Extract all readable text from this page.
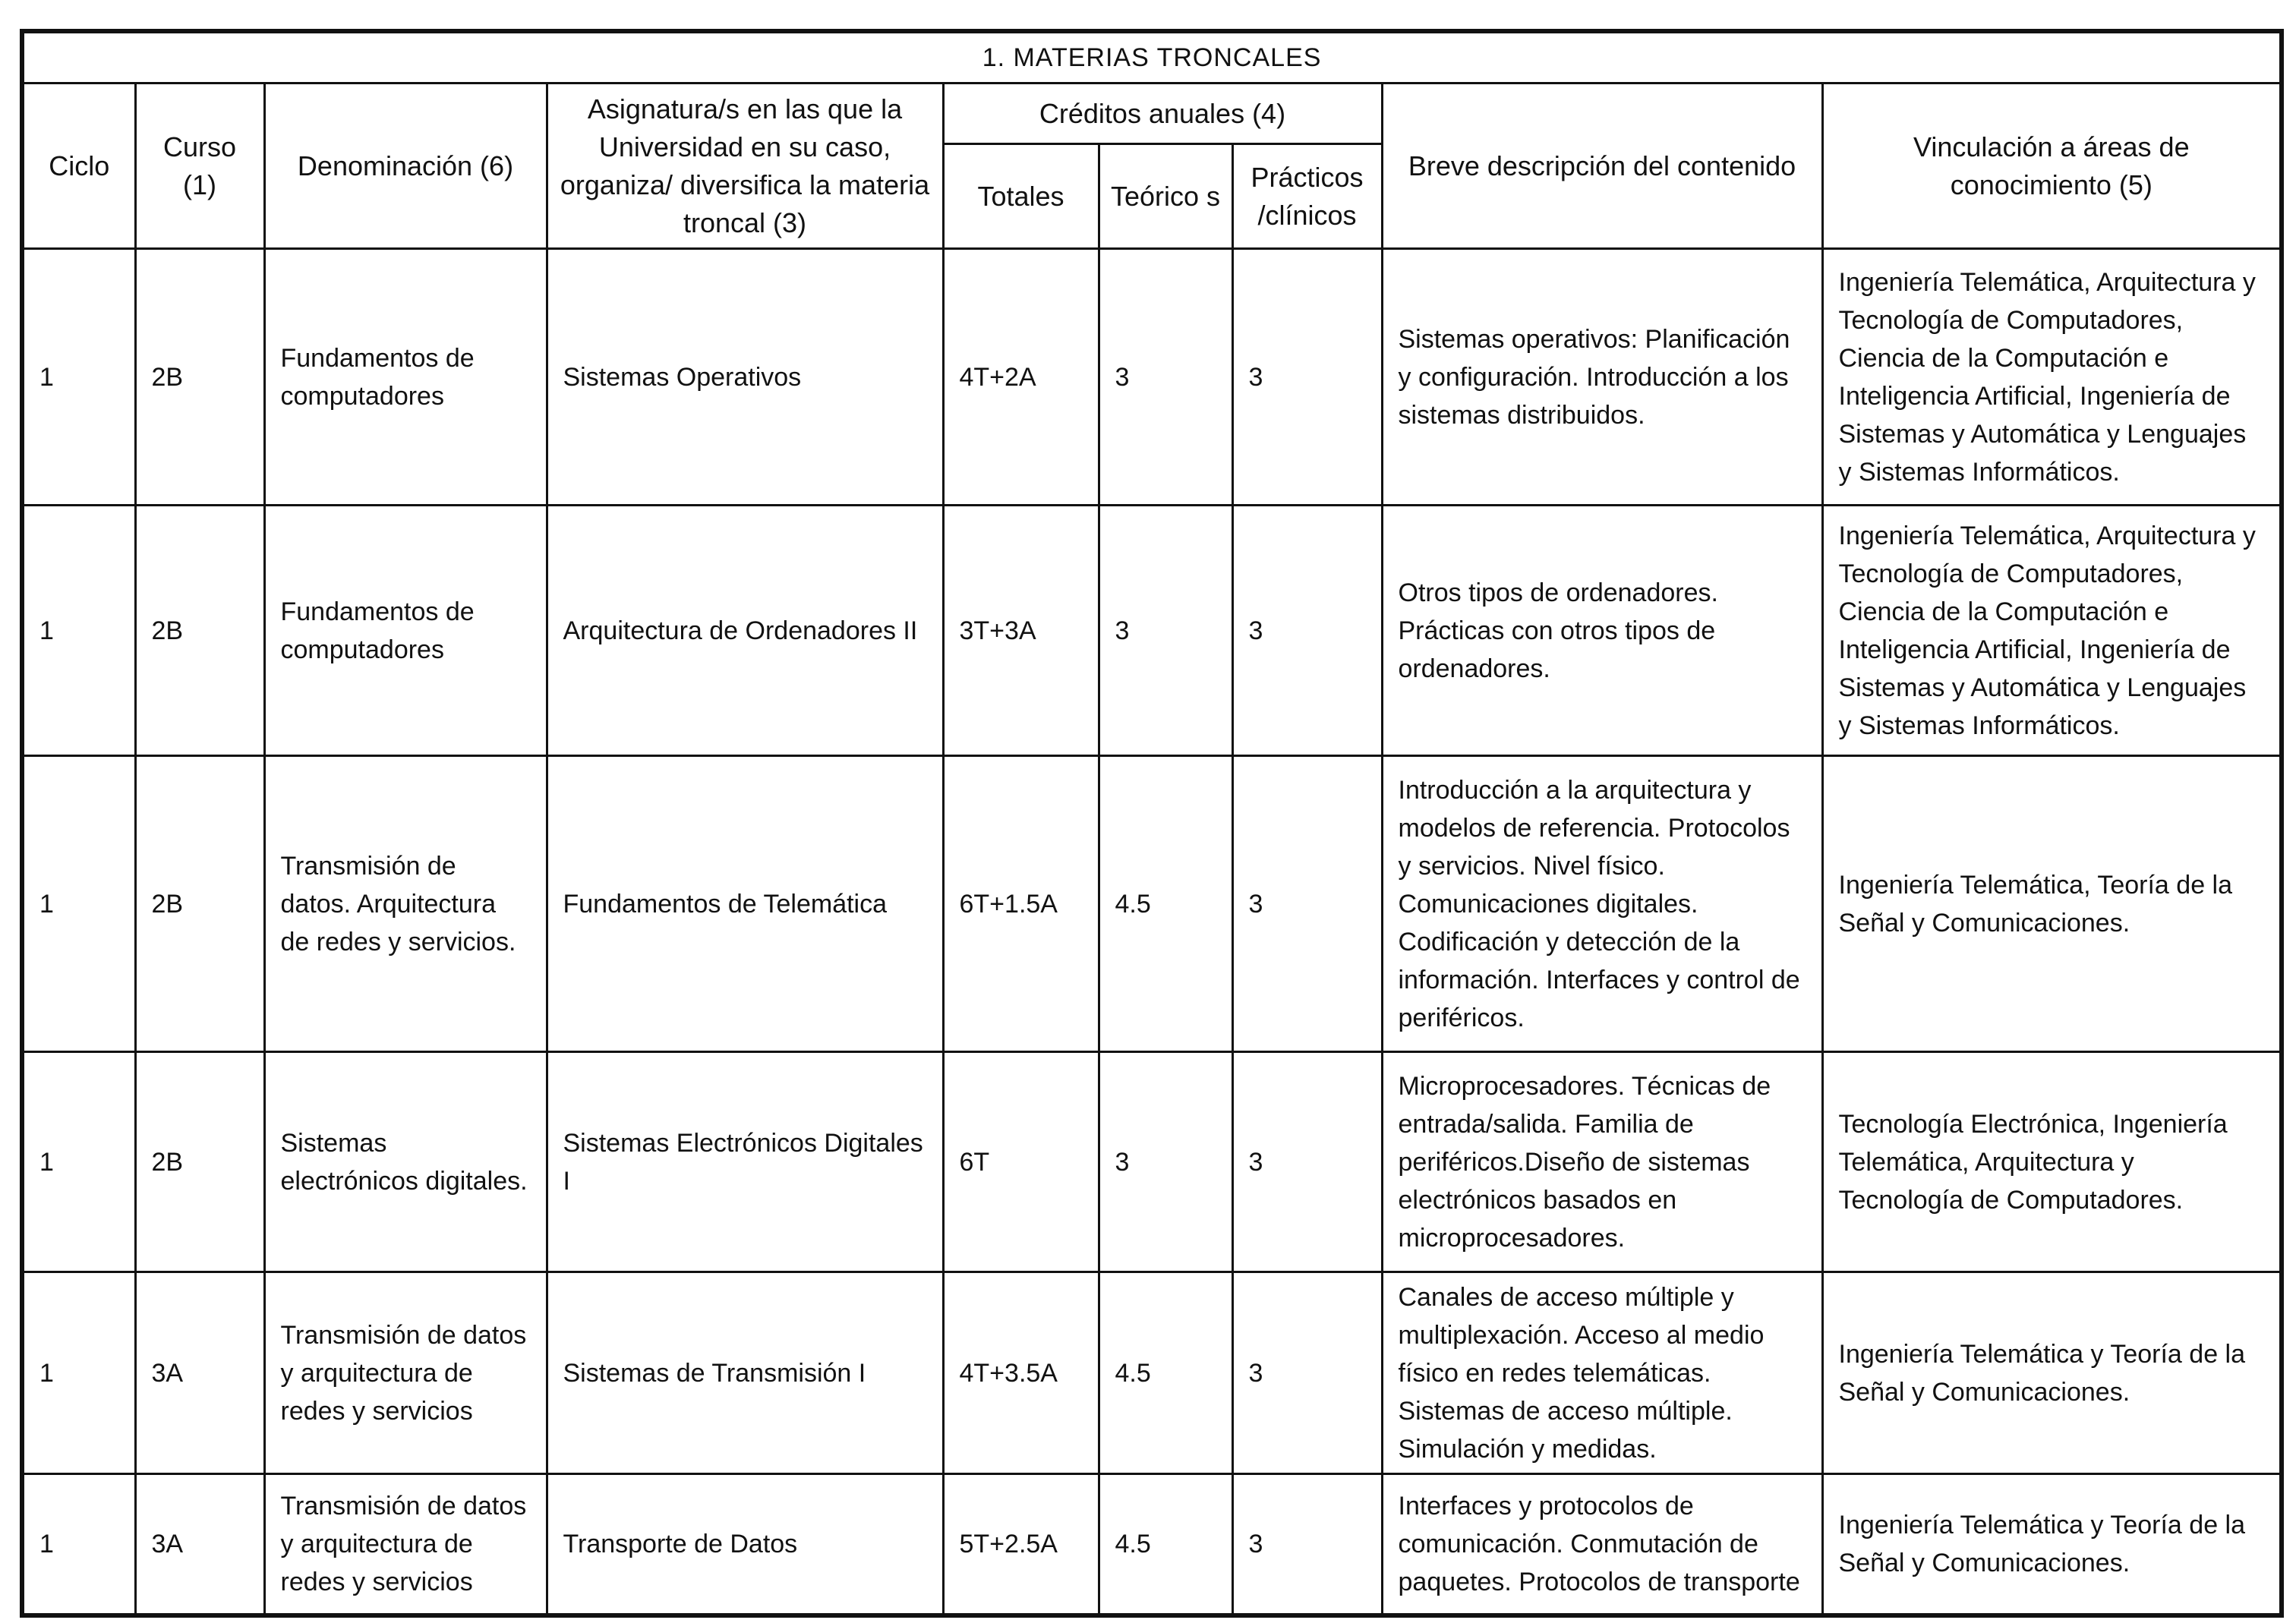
1. MATERIAS TRONCALES								
Ciclo	Curso (1)	Denominación (6)	Asignatura/s en las que la Universidad en su caso, organiza/ diversifica la materia troncal (3)	Créditos anuales (4)			Breve descripción del contenido	Vinculación a áreas de conocimiento (5)
				Totales	Teórico s	Prácticos /clínicos		
1	2B	Fundamentos de computadores	Sistemas Operativos	4T+2A	3	3	Sistemas operativos: Planificación y configuración. Introducción a los sistemas distribuidos.	Ingeniería Telemática, Arquitectura y Tecnología de Computadores, Ciencia de la Computación e Inteligencia Artificial, Ingeniería de Sistemas y Automática y Lenguajes y Sistemas Informáticos.
1	2B	Fundamentos de computadores	Arquitectura de Ordenadores II	3T+3A	3	3	Otros tipos de ordenadores. Prácticas con otros tipos de ordenadores.	Ingeniería Telemática, Arquitectura y Tecnología de Computadores, Ciencia de la Computación e Inteligencia Artificial, Ingeniería de Sistemas y Automática y Lenguajes y Sistemas Informáticos.
1	2B	Transmisión de datos. Arquitectura de redes y servicios.	Fundamentos de Telemática	6T+1.5A	4.5	3	Introducción a la arquitectura y modelos de referencia. Protocolos y servicios. Nivel físico. Comunicaciones digitales. Codificación y detección de la información. Interfaces y control de periféricos.	Ingeniería Telemática, Teoría de la Señal y Comunicaciones.
1	2B	Sistemas electrónicos digitales.	Sistemas Electrónicos Digitales I	6T	3	3	Microprocesadores. Técnicas de entrada/salida. Familia de periféricos.Diseño de sistemas electrónicos basados en microprocesadores.	Tecnología Electrónica, Ingeniería Telemática, Arquitectura y Tecnología de Computadores.
1	3A	Transmisión de datos y arquitectura de redes y servicios	Sistemas de Transmisión I	4T+3.5A	4.5	3	Canales de acceso múltiple y multiplexación. Acceso al medio físico en redes telemáticas. Sistemas de acceso múltiple. Simulación y medidas.	Ingeniería Telemática y Teoría de la Señal y Comunicaciones.
1	3A	Transmisión de datos y arquitectura de redes y servicios	Transporte de Datos	5T+2.5A	4.5	3	Interfaces y protocolos de comunicación. Conmutación de paquetes. Protocolos de transporte	Ingeniería Telemática y Teoría de la Señal y Comunicaciones.
